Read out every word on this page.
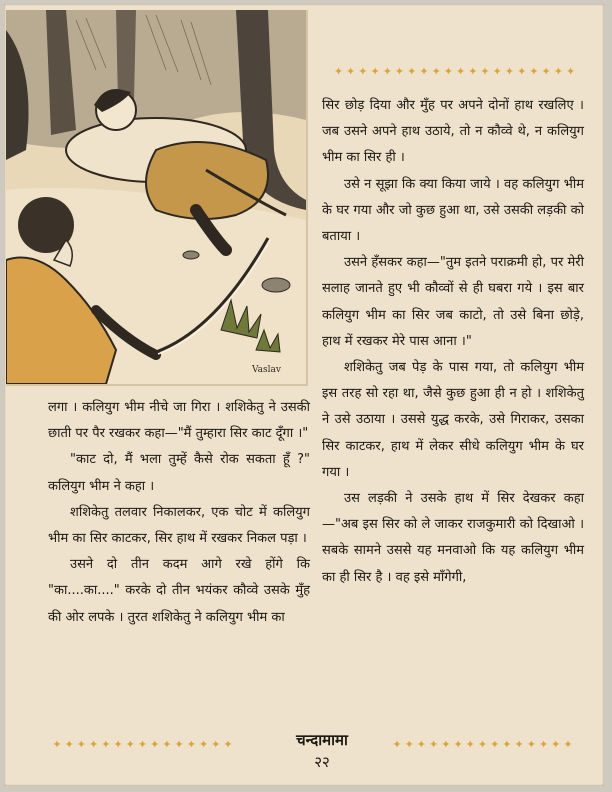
Vaslav
✦✦✦✦✦✦✦✦✦✦✦✦✦✦✦✦✦✦✦✦

लगा । कलियुग भीम नीचे जा गिरा । शशिकेतु ने उसकी छाती पर पैर रखकर कहा—"मैं तुम्हारा सिर काट दूँगा ।"

"काट दो, मैं भला तुम्हें कैसे रोक सकता हूँ ?" कलियुग भीम ने कहा ।

शशिकेतु तलवार निकालकर, एक चोट में कलियुग भीम का सिर काटकर, सिर हाथ में रखकर निकल पड़ा ।

उसने दो तीन कदम आगे रखे होंगे कि "का....का...." करके दो तीन भयंकर कौव्वे उसके मुँह की ओर लपके । तुरत शशिकेतु ने कलियुग भीम का

सिर छोड़ दिया और मुँह पर अपने दोनों हाथ रखलिए । जब उसने अपने हाथ उठाये, तो न कौव्वे थे, न कलियुग भीम का सिर ही ।

उसे न सूझा कि क्या किया जाये । वह कलियुग भीम के घर गया और जो कुछ हुआ था, उसे उसकी लड़की को बताया ।

उसने हँसकर कहा—"तुम इतने पराक्रमी हो, पर मेरी सलाह जानते हुए भी कौव्वों से ही घबरा गये । इस बार कलियुग भीम का सिर जब काटो, तो उसे बिना छोड़े, हाथ में रखकर मेरे पास आना ।"

शशिकेतु जब पेड़ के पास गया, तो कलियुग भीम इस तरह सो रहा था, जैसे कुछ हुआ ही न हो । शशिकेतु ने उसे उठाया । उससे युद्ध करके, उसे गिराकर, उसका सिर काटकर, हाथ में लेकर सीधे कलियुग भीम के घर गया ।

उस लड़की ने उसके हाथ में सिर देखकर कहा—"अब इस सिर को ले जाकर राजकुमारी को दिखाओ । सबके सामने उससे यह मनवाओ कि यह कलियुग भीम का ही सिर है । वह इसे माँगेगी,

✦✦✦✦✦✦✦✦✦✦✦✦✦✦✦	चन्दामामा	✦✦✦✦✦✦✦✦✦✦✦✦✦✦✦
२२
